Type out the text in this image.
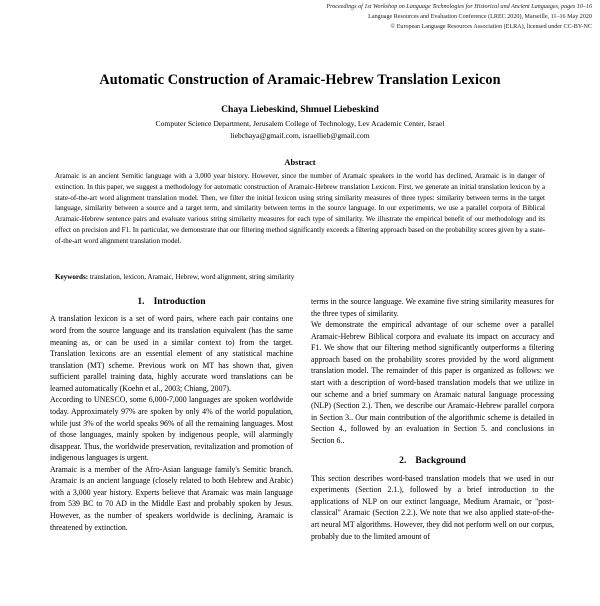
Proceedings of 1st Workshop on Language Technologies for Historical and Ancient Languages, pages 10–16
Language Resources and Evaluation Conference (LREC 2020), Marseille, 11–16 May 2020
© European Language Resources Association (ELRA), licensed under CC-BY-NC
Automatic Construction of Aramaic-Hebrew Translation Lexicon
Chaya Liebeskind, Shmuel Liebeskind
Computer Science Department, Jerusalem College of Technology, Lev Academic Center, Israel
liebchaya@gmail.com, israellieb@gmail.com
Abstract
Aramaic is an ancient Semitic language with a 3,000 year history. However, since the number of Aramaic speakers in the world has declined, Aramaic is in danger of extinction. In this paper, we suggest a methodology for automatic construction of Aramaic-Hebrew translation Lexicon. First, we generate an initial translation lexicon by a state-of-the-art word alignment translation model. Then, we filter the initial lexicon using string similarity measures of three types: similarity between terms in the target language, similarity between a source and a target term, and similarity between terms in the source language. In our experiments, we use a parallel corpora of Biblical Aramaic-Hebrew sentence pairs and evaluate various string similarity measures for each type of similarity. We illustrate the empirical benefit of our methodology and its effect on precision and F1. In particular, we demonstrate that our filtering method significantly exceeds a filtering approach based on the probability scores given by a state-of-the-art word alignment translation model.
Keywords: translation, lexicon, Aramaic, Hebrew, word alignment, string similarity
1. Introduction

A translation lexicon is a set of word pairs, where each pair contains one word from the source language and its translation equivalent (has the same meaning as, or can be used in a similar context to) from the target. Translation lexicons are an essential element of any statistical machine translation (MT) scheme. Previous work on MT has shown that, given sufficient parallel training data, highly accurate word translations can be learned automatically (Koehn et al., 2003; Chiang, 2007).

According to UNESCO, some 6,000-7,000 languages are spoken worldwide today. Approximately 97% are spoken by only 4% of the world population, while just 3% of the world speaks 96% of all the remaining languages. Most of those languages, mainly spoken by indigenous people, will alarmingly disappear. Thus, the worldwide preservation, revitalization and promotion of indigenous languages is urgent.

Aramaic is a member of the Afro-Asian language family's Semitic branch. Aramaic is an ancient language (closely related to both Hebrew and Arabic) with a 3,000 year history. Experts believe that Aramaic was main language from 539 BC to 70 AD in the Middle East and probably spoken by Jesus. However, as the number of speakers worldwide is declining, Aramaic is threatened by extinction.

terms in the source language. We examine five string similarity measures for the three types of similarity.

We demonstrate the empirical advantage of our scheme over a parallel Aramaic-Hebrew Biblical corpora and evaluate its impact on accuracy and F1. We show that our filtering method significantly outperforms a filtering approach based on the probability scores provided by the word alignment translation model. The remainder of this paper is organized as follows: we start with a description of word-based translation models that we utilize in our scheme and a brief summary on Aramaic natural language processing (NLP) (Section 2.). Then, we describe our Aramaic-Hebrew parallel corpora in Section 3.. Our main contribution of the algorithmic scheme is detailed in Section 4., followed by an evaluation in Section 5. and conclusions in Section 6..

2. Background

This section describes word-based translation models that we used in our experiments (Section 2.1.), followed by a brief introduction to the applications of NLP on our extinct language, Medium Aramaic, or "post-classical" Aramaic (Section 2.2.). We note that we also applied state-of-the-art neural MT algorithms. However, they did not perform well on our corpus, probably due to the limited amount of
